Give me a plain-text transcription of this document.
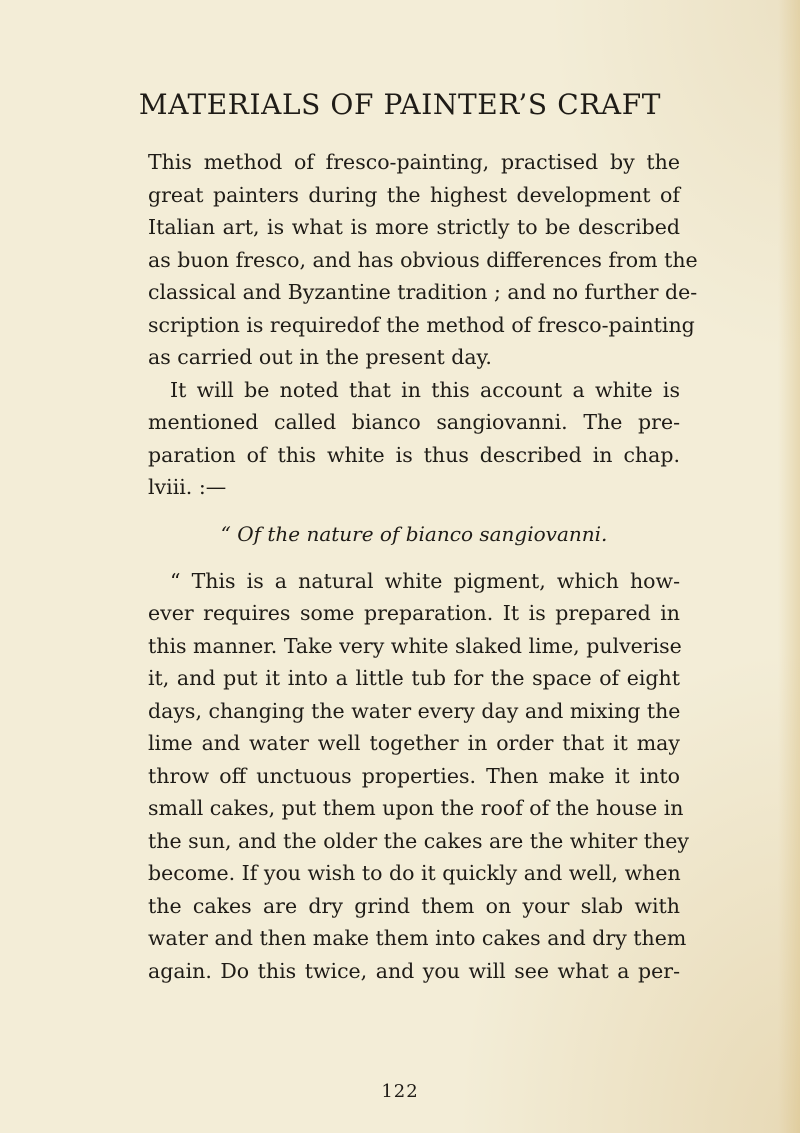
MATERIALS OF PAINTER’S CRAFT

This method of fresco-painting, practised by the

great painters during the highest development of

Italian art, is what is more strictly to be described

as buon fresco, and has obvious differences from the

classical and Byzantine tradition ; and no further de-

scription is requiredof the method of fresco-painting

as carried out in the present day.

It will be noted that in this account a white is

mentioned called bianco sangiovanni. The pre-

paration of this white is thus described in chap.

lviii. :—

“ Of the nature of bianco sangiovanni.

“ This is a natural white pigment, which how-

ever requires some preparation. It is prepared in

this manner. Take very white slaked lime, pulverise

it, and put it into a little tub for the space of eight

days, changing the water every day and mixing the

lime and water well together in order that it may

throw off unctuous properties. Then make it into

small cakes, put them upon the roof of the house in

the sun, and the older the cakes are the whiter they

become. If you wish to do it quickly and well, when

the cakes are dry grind them on your slab with

water and then make them into cakes and dry them

again. Do this twice, and you will see what a per-

122
